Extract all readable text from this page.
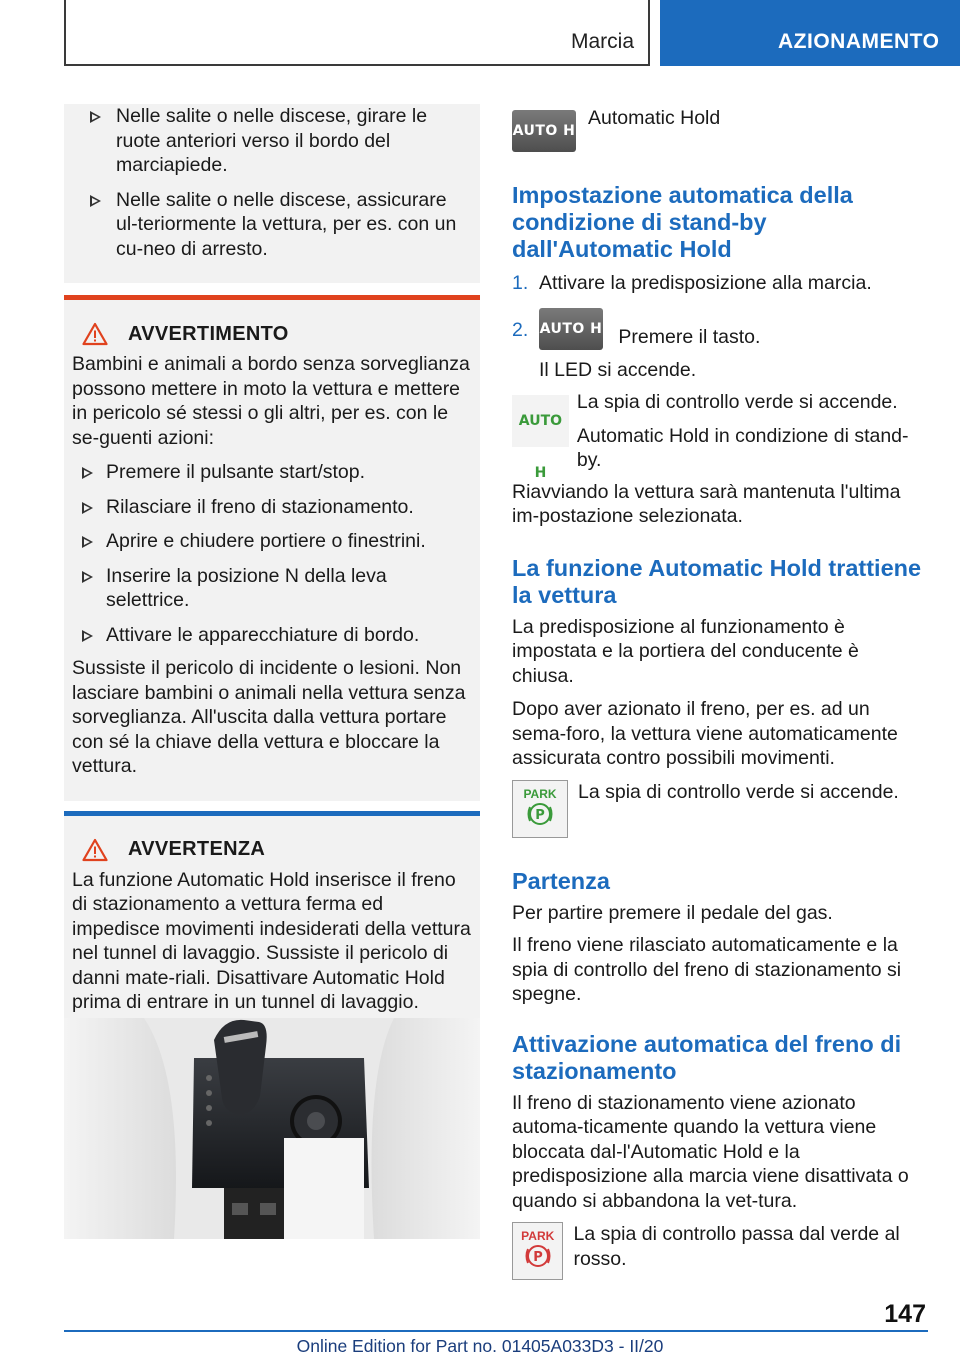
Marcia	AZIONAMENTO
Nelle salite o nelle discese, girare le ruote anteriori verso il bordo del marciapiede.
Nelle salite o nelle discese, assicurare ul-teriormente la vettura, per es. con un cu-neo di arresto.
AVVERTIMENTO
Bambini e animali a bordo senza sorveglianza possono mettere in moto la vettura e mettere in pericolo sé stessi o gli altri, per es. con le se-guenti azioni:
Premere il pulsante start/stop.
Rilasciare il freno di stazionamento.
Aprire e chiudere portiere o finestrini.
Inserire la posizione N della leva selettrice.
Attivare le apparecchiature di bordo.
Sussiste il pericolo di incidente o lesioni. Non lasciare bambini o animali nella vettura senza sorveglianza. All'uscita dalla vettura portare con sé la chiave della vettura e bloccare la vettura.
AVVERTENZA
La funzione Automatic Hold inserisce il freno di stazionamento a vettura ferma ed impedisce movimenti indesiderati della vettura nel tunnel di lavaggio. Sussiste il pericolo di danni mate-riali. Disattivare Automatic Hold prima di entrare in un tunnel di lavaggio.
AUTO H
Automatic Hold
Impostazione automatica della condizione di stand-by dall'Automatic Hold
1. Attivare la predisposizione alla marcia.
2. AUTO H Premere il tasto.
Il LED si accende.
AUTO H
La spia di controllo verde si accende.
Automatic Hold in condizione di stand-by.
Riavviando la vettura sarà mantenuta l'ultima im-postazione selezionata.
La funzione Automatic Hold trattiene la vettura
La predisposizione al funzionamento è impostata e la portiera del conducente è chiusa.
Dopo aver azionato il freno, per es. ad un sema-foro, la vettura viene automaticamente assicurata contro possibili movimenti.
PARK
P
La spia di controllo verde si accende.
Partenza
Per partire premere il pedale del gas.
Il freno viene rilasciato automaticamente e la spia di controllo del freno di stazionamento si spegne.
Attivazione automatica del freno di stazionamento
Il freno di stazionamento viene azionato automa-ticamente quando la vettura viene bloccata dal-l'Automatic Hold e la predisposizione alla marcia viene disattivata o quando si abbandona la vet-tura.
PARK
P
La spia di controllo passa dal verde al rosso.
147
Online Edition for Part no. 01405A033D3 - II/20
